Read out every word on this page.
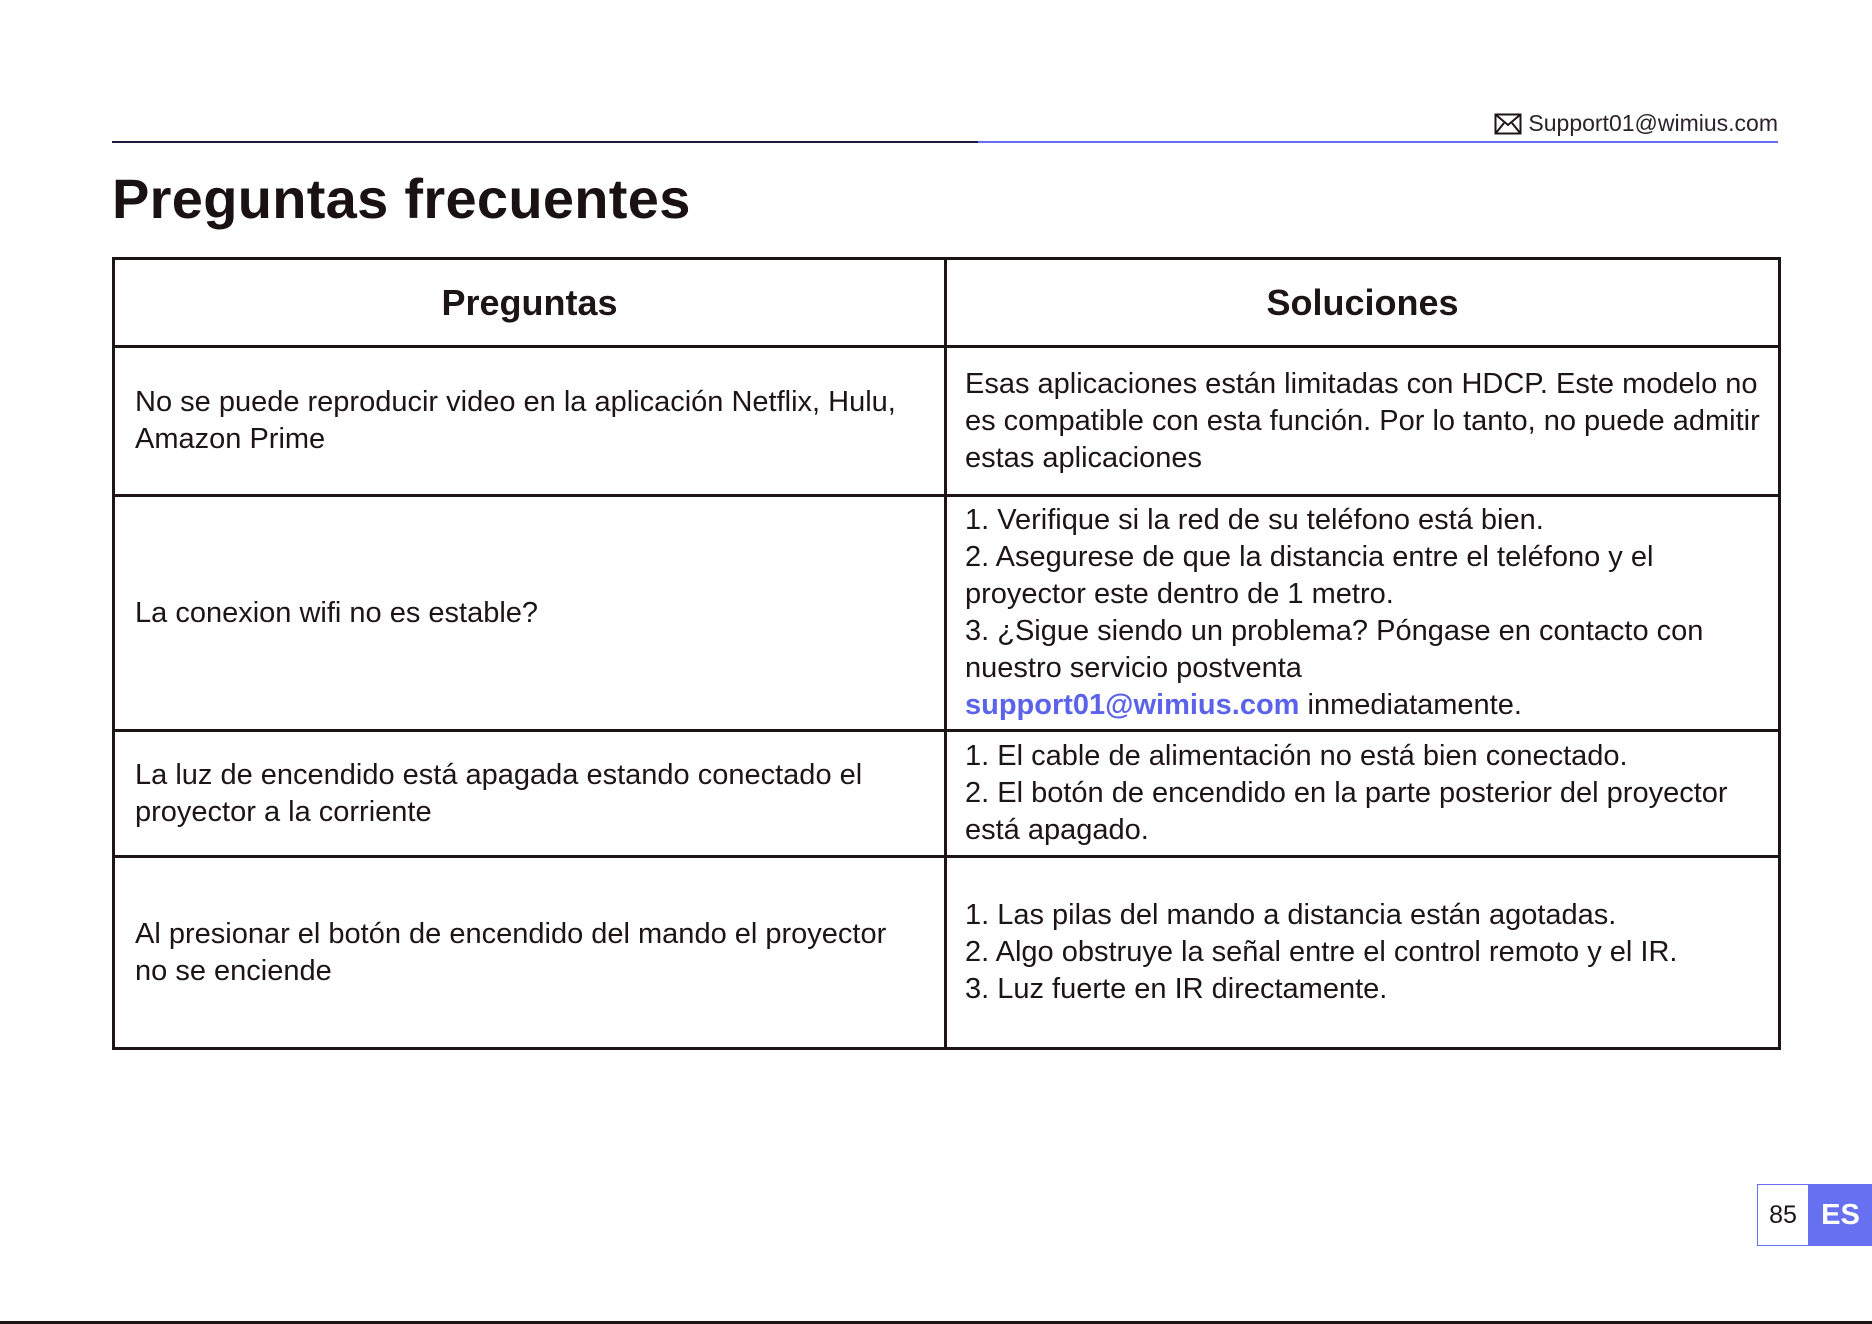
Support01@wimius.com
Preguntas frecuentes
Preguntas	Soluciones
No se puede reproducir video en la aplicación Netflix, Hulu, Amazon Prime	Esas aplicaciones están limitadas con HDCP. Este modelo no es compatible con esta función. Por lo tanto, no puede admitir estas aplicaciones

La conexion wifi no es estable?	1. Verifique si la red de su teléfono está bien.
2. Asegurese de que la distancia entre el teléfono y el proyector este dentro de 1 metro.
3. ¿Sigue siendo un problema? Póngase en contacto con nuestro servicio postventa
support01@wimius.com inmediatamente.

La luz de encendido está apagada estando conectado el proyector a la corriente	1. El cable de alimentación no está bien conectado.
2. El botón de encendido en la parte posterior del proyector está apagado.

Al presionar el botón de encendido del mando el proyector no se enciende	1. Las pilas del mando a distancia están agotadas.
2. Algo obstruye la señal entre el control remoto y el IR.
3. Luz fuerte en IR directamente.
85 ES
